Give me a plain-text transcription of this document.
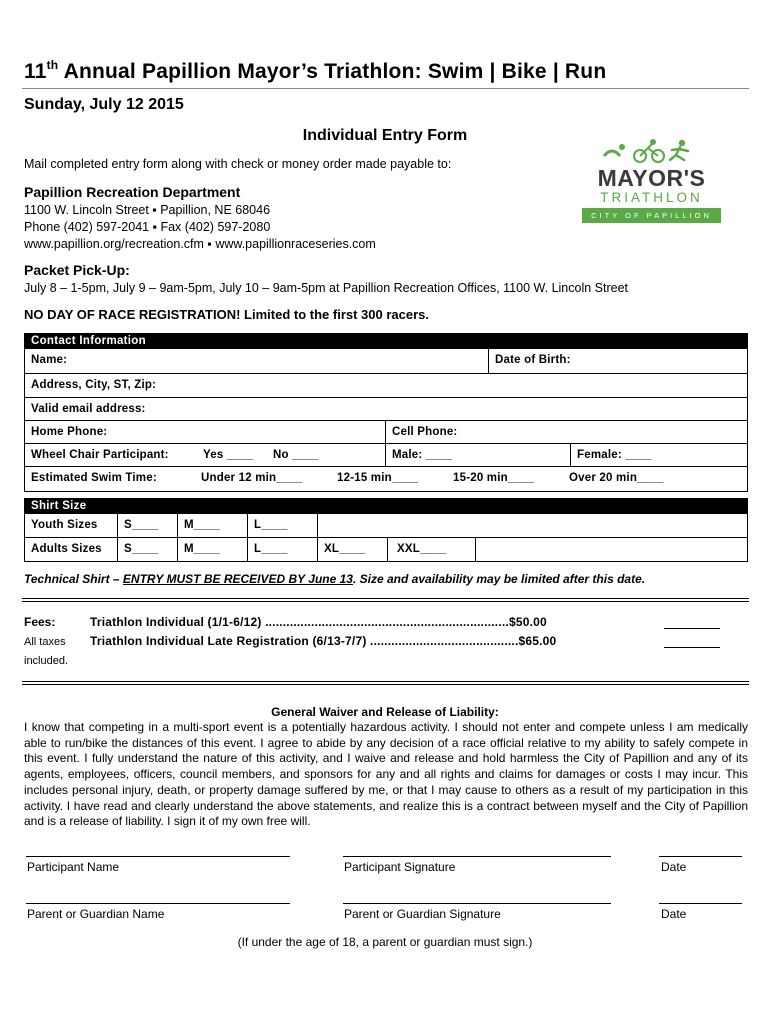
11th Annual Papillion Mayor’s Triathlon: Swim | Bike | Run
Sunday, July 12 2015
Individual Entry Form
Mail completed entry form along with check or money order made payable to:
MAYOR'S
TRIATHLON
CITY OF PAPILLION
Papillion Recreation Department
1100 W. Lincoln Street ▪ Papillion, NE 68046
Phone (402) 597-2041 ▪ Fax (402) 597-2080
www.papillion.org/recreation.cfm ▪ www.papillionraceseries.com
Packet Pick-Up:
July 8 – 1-5pm, July 9 – 9am-5pm, July 10 – 9am-5pm at Papillion Recreation Offices, 1100 W. Lincoln Street
NO DAY OF RACE REGISTRATION! Limited to the first 300 racers.
Contact Information
Name:	Date of Birth:
Address, City, ST, Zip:
Valid email address:
Home Phone:	Cell Phone:
Wheel Chair Participant:	Yes ____	No ____	Male: ____	Female: ____
Estimated Swim Time:	Under 12 min____	12-15 min____	15-20 min____	Over 20 min____
Shirt Size
Youth Sizes	S____	M____	L____
Adults Sizes	S____	M____	L____	XL____	XXL____
Technical Shirt – ENTRY MUST BE RECEIVED BY June 13. Size and availability may be limited after this date.
Fees:
All taxes
included.
Triathlon Individual (1/1-6/12) .....................................................................$50.00
Triathlon Individual Late Registration (6/13-7/7) ..........................................$65.00
General Waiver and Release of Liability:
I know that competing in a multi-sport event is a potentially hazardous activity. I should not enter and compete unless I am medically able to run/bike the distances of this event. I agree to abide by any decision of a race official relative to my ability to safely compete in this event. I fully understand the nature of this activity, and I waive and release and hold harmless the City of Papillion and any of its agents, employees, officers, council members, and sponsors for any and all rights and claims for damages or costs I may incur. This includes personal injury, death, or property damage suffered by me, or that I may cause to others as a result of my participation in this activity. I have read and clearly understand the above statements, and realize this is a contract between myself and the City of Papillion and is a release of liability. I sign it of my own free will.
Participant Name	Participant Signature	Date
Parent or Guardian Name	Parent or Guardian Signature	Date
(If under the age of 18, a parent or guardian must sign.)
